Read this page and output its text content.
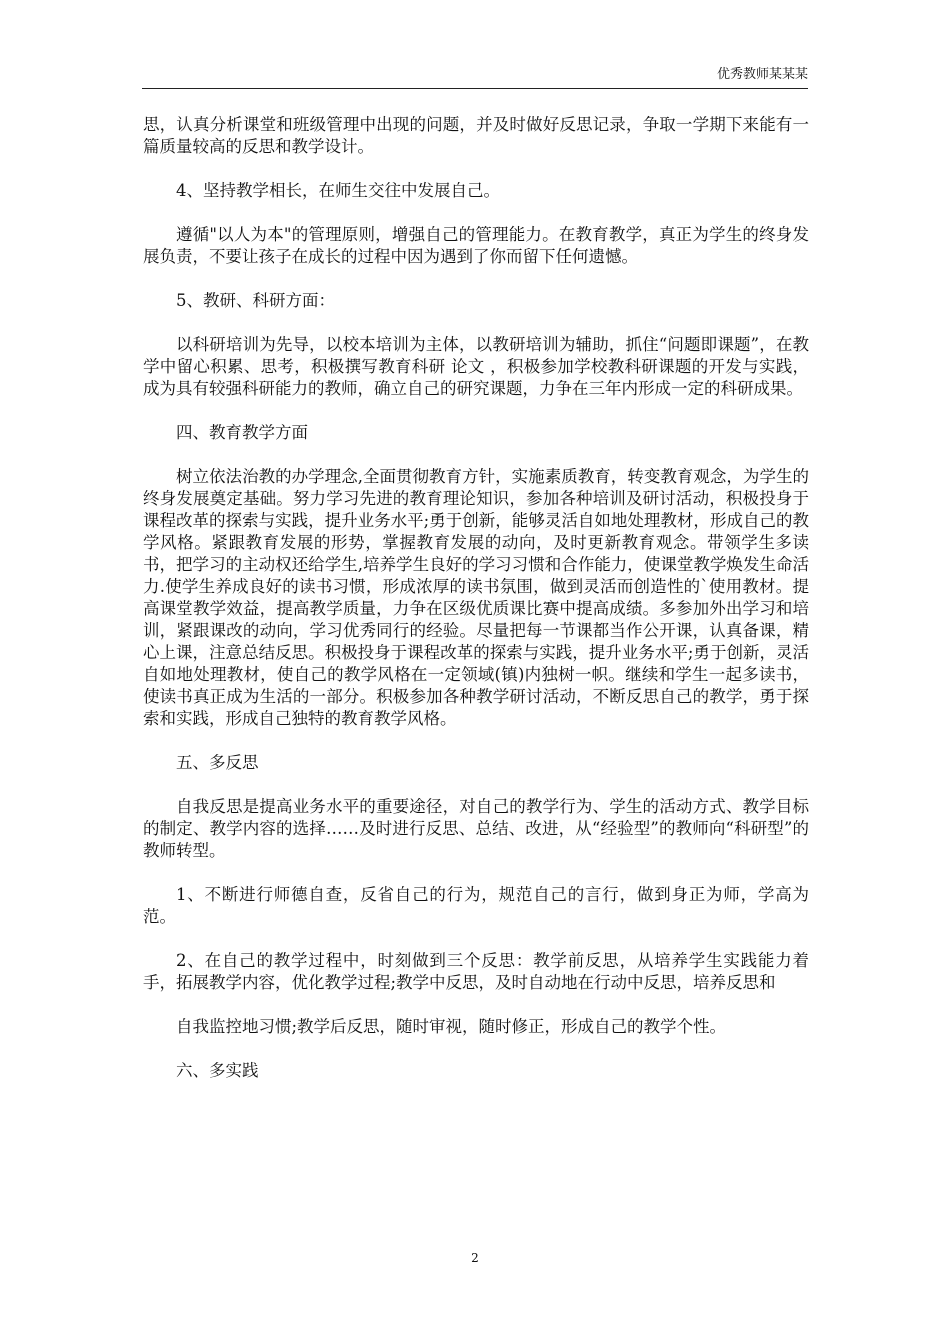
优秀教师某某某

思，认真分析课堂和班级管理中出现的问题，并及时做好反思记录，争取一学期下来能有一篇质量较高的反思和教学设计。

4、坚持教学相长，在师生交往中发展自己。

遵循"以人为本"的管理原则，增强自己的管理能力。在教育教学，真正为学生的终身发展负责，不要让孩子在成长的过程中因为遇到了你而留下任何遗憾。

5、教研、科研方面：

以科研培训为先导，以校本培训为主体，以教研培训为辅助，抓住“问题即课题”，在教学中留心积累、思考，积极撰写教育科研 论文 ，积极参加学校教科研课题的开发与实践，成为具有较强科研能力的教师，确立自己的研究课题，力争在三年内形成一定的科研成果。

四、教育教学方面

树立依法治教的办学理念,全面贯彻教育方针，实施素质教育，转变教育观念，为学生的终身发展奠定基础。努力学习先进的教育理论知识，参加各种培训及研讨活动，积极投身于课程改革的探索与实践，提升业务水平;勇于创新，能够灵活自如地处理教材，形成自己的教学风格。紧跟教育发展的形势，掌握教育发展的动向，及时更新教育观念。带领学生多读书，把学习的主动权还给学生,培养学生良好的学习习惯和合作能力，使课堂教学焕发生命活力.使学生养成良好的读书习惯，形成浓厚的读书氛围，做到灵活而创造性的`使用教材。提高课堂教学效益，提高教学质量，力争在区级优质课比赛中提高成绩。多参加外出学习和培训，紧跟课改的动向，学习优秀同行的经验。尽量把每一节课都当作公开课，认真备课，精心上课，注意总结反思。积极投身于课程改革的探索与实践，提升业务水平;勇于创新，灵活自如地处理教材，使自己的教学风格在一定领域(镇)内独树一帜。继续和学生一起多读书，使读书真正成为生活的一部分。积极参加各种教学研讨活动，不断反思自己的教学，勇于探索和实践，形成自己独特的教育教学风格。

五、多反思

自我反思是提高业务水平的重要途径，对自己的教学行为、学生的活动方式、教学目标的制定、教学内容的选择……及时进行反思、总结、改进，从“经验型”的教师向“科研型”的教师转型。

1、不断进行师德自查，反省自己的行为，规范自己的言行，做到身正为师，学高为范。

2、在自己的教学过程中，时刻做到三个反思：教学前反思，从培养学生实践能力着手，拓展教学内容，优化教学过程;教学中反思，及时自动地在行动中反思，培养反思和

自我监控地习惯;教学后反思，随时审视，随时修正，形成自己的教学个性。

六、多实践

2
